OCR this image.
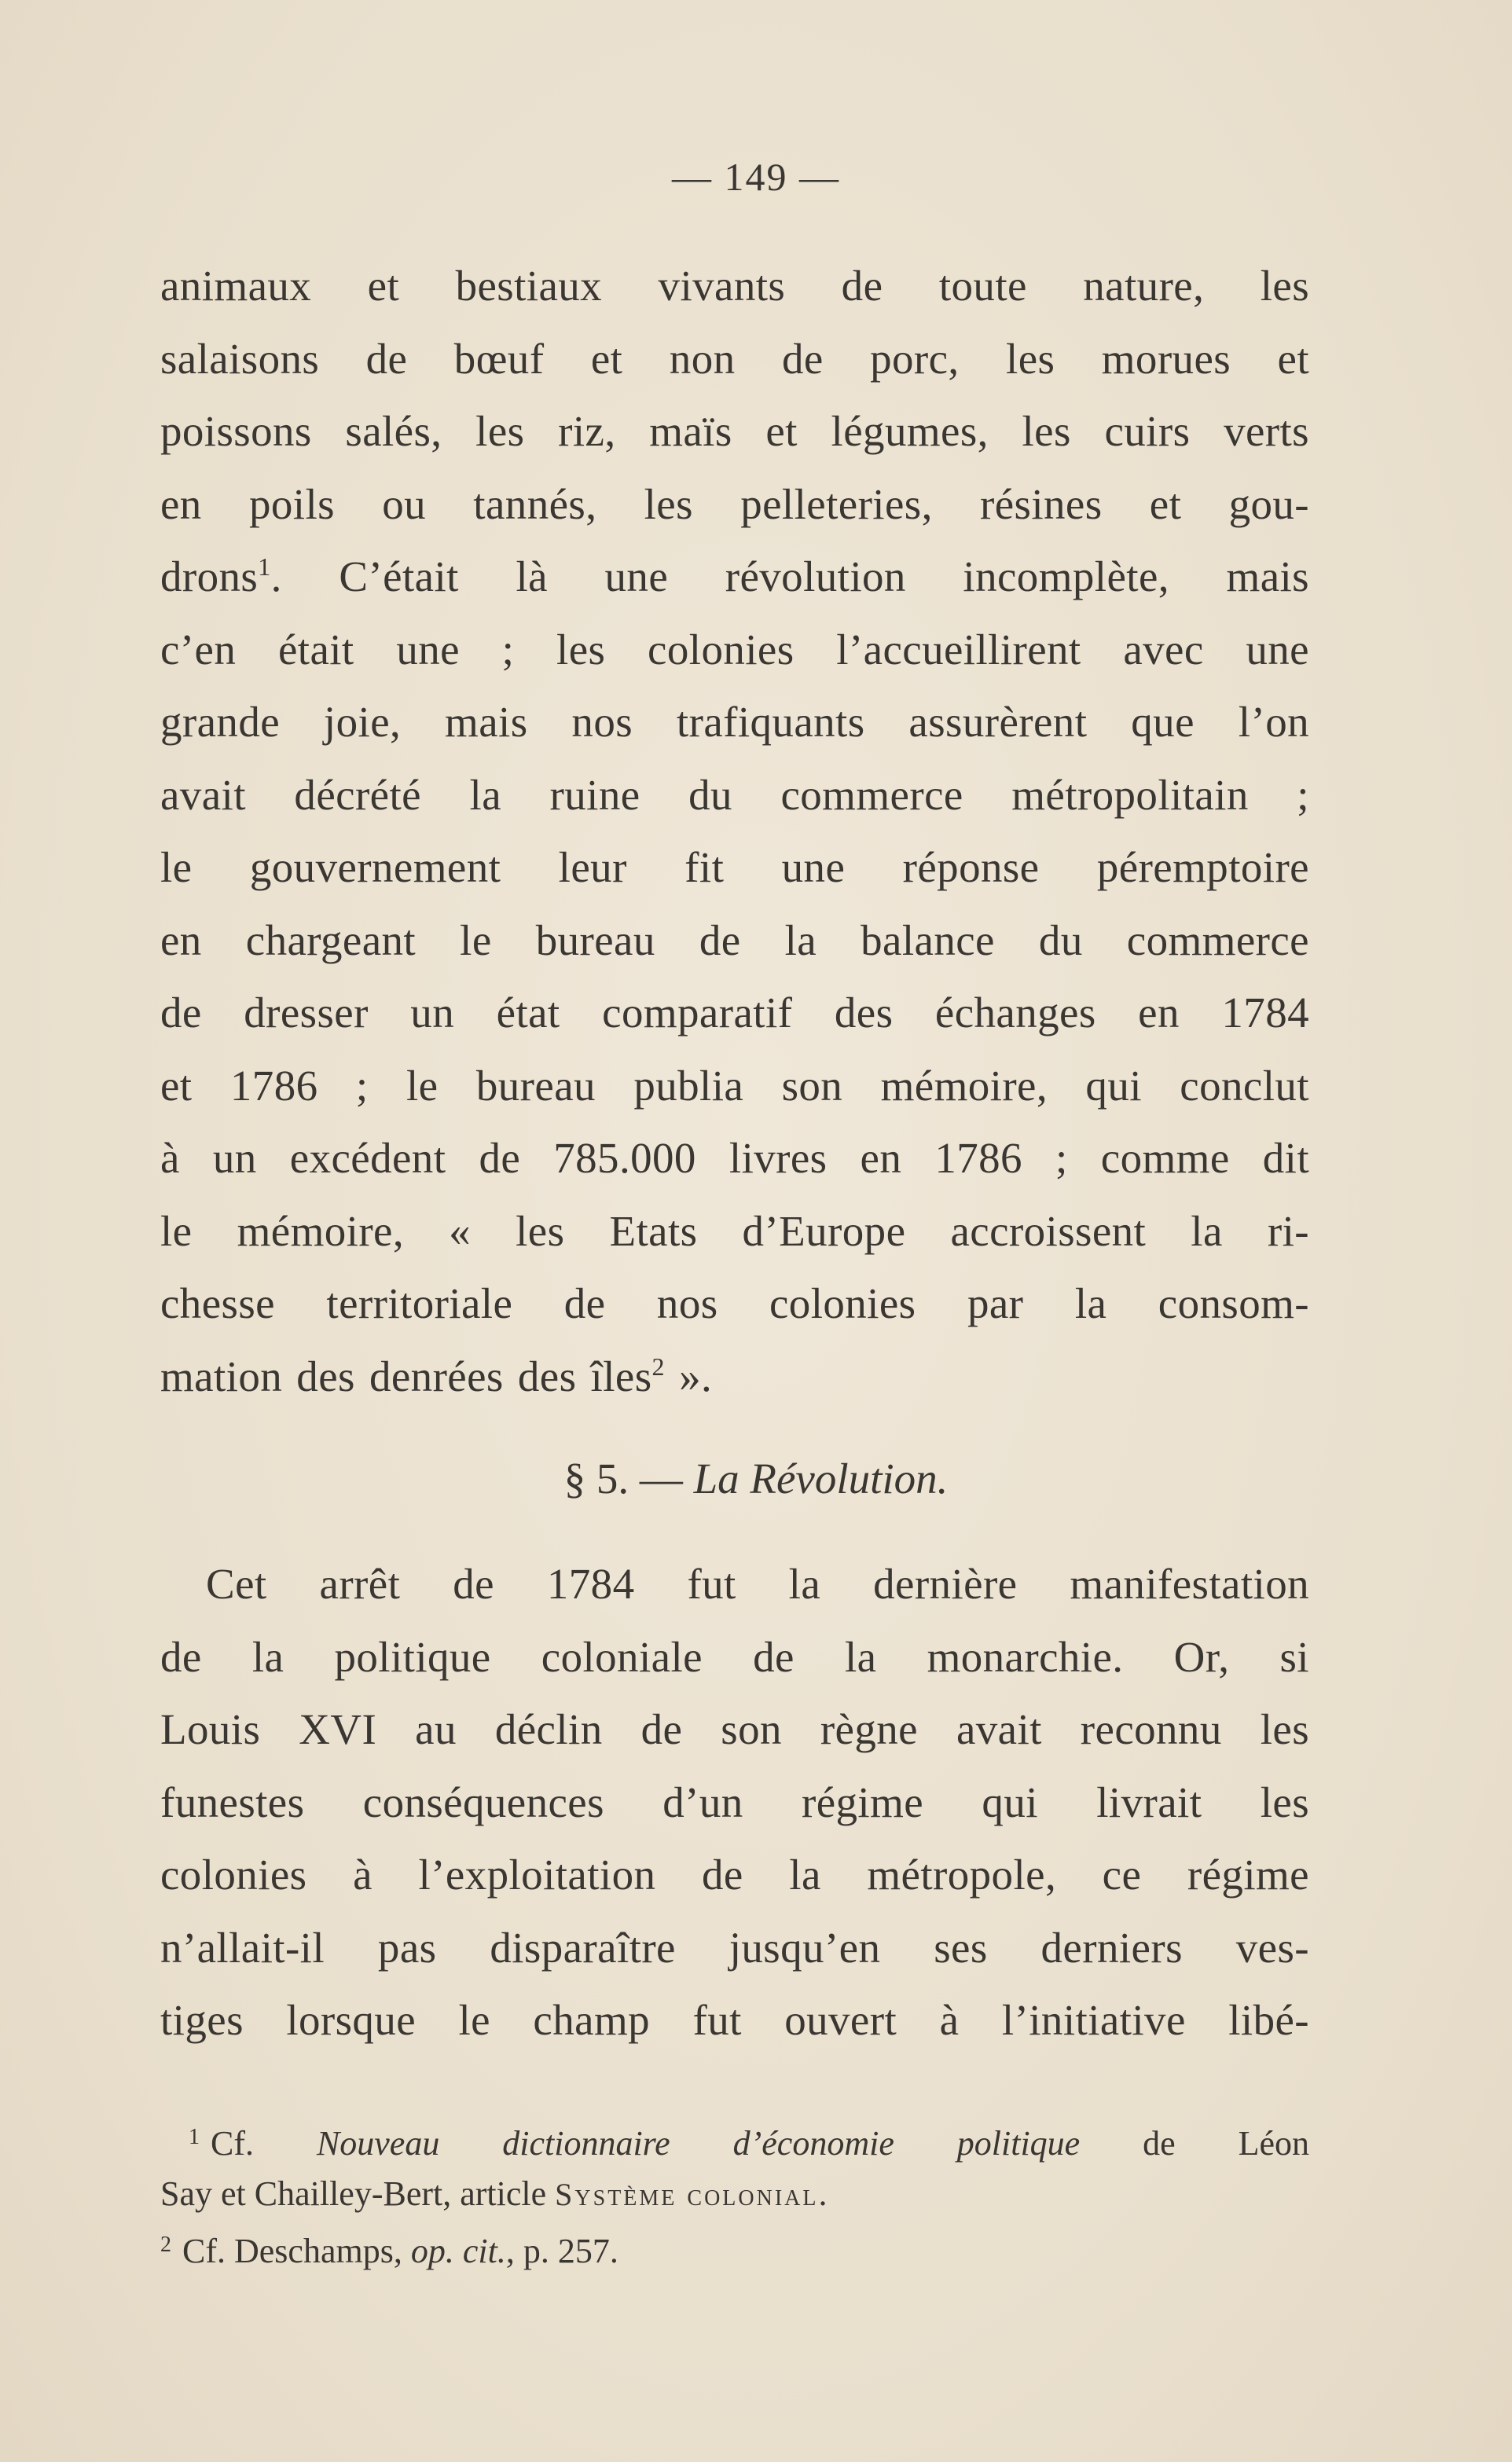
— 149 —
animaux et bestiaux vivants de toute nature, les
salaisons de bœuf et non de porc, les morues et
poissons salés, les riz, maïs et légumes, les cuirs verts
en poils ou tannés, les pelleteries, résines et gou-
drons$^1$. C’était là une révolution incomplète, mais
c’en était une ; les colonies l’accueillirent avec une
grande joie, mais nos trafiquants assurèrent que l’on
avait décrété la ruine du commerce métropolitain ;
le gouvernement leur fit une réponse péremptoire
en chargeant le bureau de la balance du commerce
de dresser un état comparatif des échanges en 1784
et 1786 ; le bureau publia son mémoire, qui conclut
à un excédent de 785.000 livres en 1786 ; comme dit
le mémoire, « les Etats d’Europe accroissent la ri-
chesse territoriale de nos colonies par la consom-
mation des denrées des îles$^2$ ».
§ 5. — La Révolution.
Cet arrêt de 1784 fut la dernière manifestation
de la politique coloniale de la monarchie. Or, si
Louis XVI au déclin de son règne avait reconnu les
funestes conséquences d’un régime qui livrait les
colonies à l’exploitation de la métropole, ce régime
n’allait-il pas disparaître jusqu’en ses derniers ves-
tiges lorsque le champ fut ouvert à l’initiative libé-
$^1$ Cf. Nouveau dictionnaire d’économie politique de Léon
Say et Chailley-Bert, article Système colonial.
$^2$ Cf. Deschamps, op. cit., p. 257.
